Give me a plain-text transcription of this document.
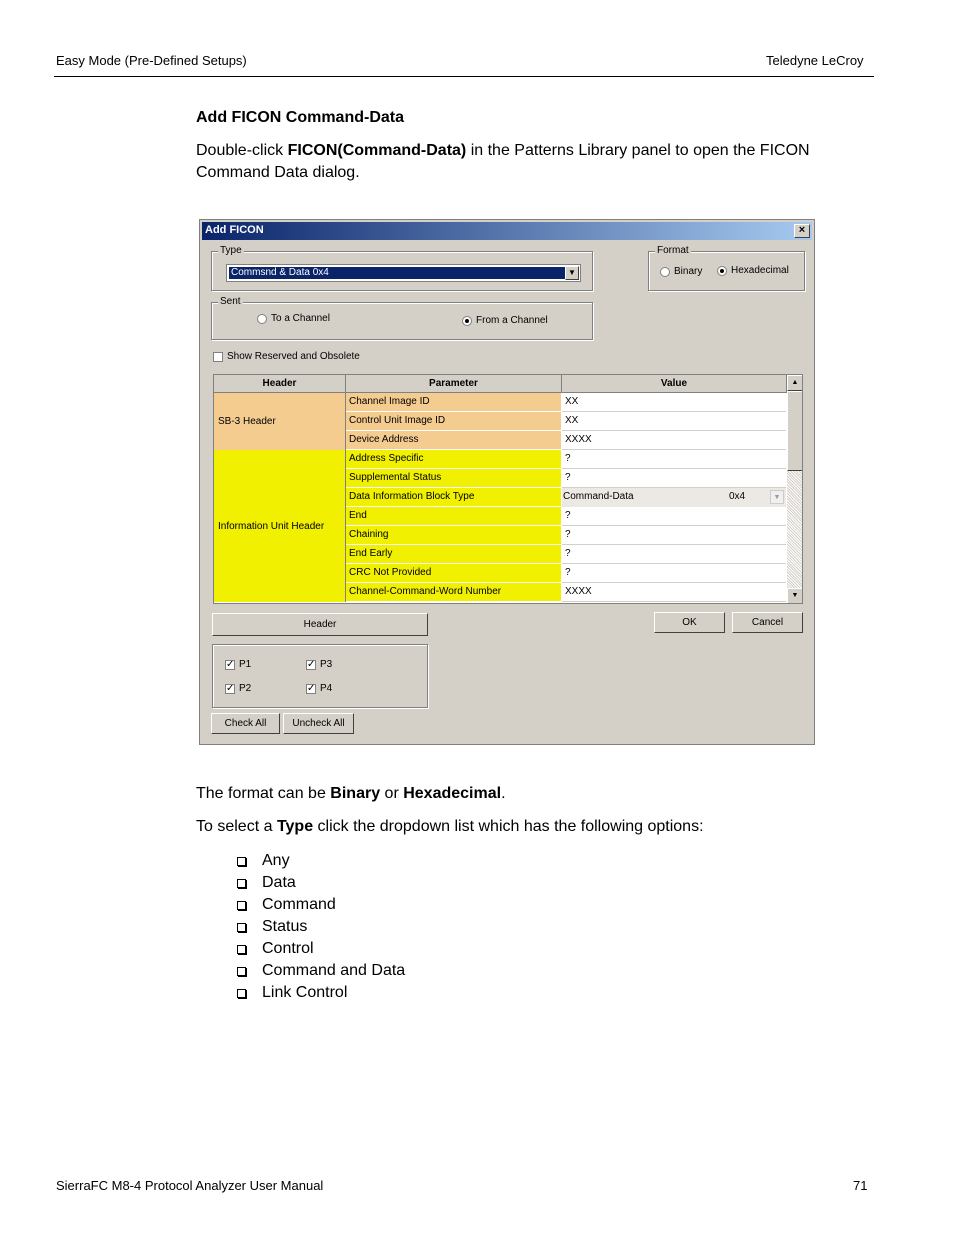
Easy Mode (Pre-Defined Setups)	Teledyne LeCroy
Add FICON Command-Data
Double-click FICON(Command-Data) in the Patterns Library panel to open the FICON Command Data dialog.
Add FICON	×
Type
Commsnd & Data 0x4	▼
Format
Binary	Hexadecimal
Sent
To a Channel	From a Channel
Show Reserved and Obsolete
Header	Parameter	Value
SB-3 Header
Channel Image ID	XX
Control Unit Image ID	XX
Device Address	XXXX
Information Unit Header
Address Specific	?
Supplemental Status	?
Data Information Block Type	Command-Data	0x4	▼
End	?
Chaining	?
End Early	?
CRC Not Provided	?
Channel-Command-Word Number	XXXX
▲
▼
Header	OK	Cancel
✓ P1	✓ P3
✓ P2	✓ P4
Check All	Uncheck All
The format can be Binary or Hexadecimal.
To select a Type click the dropdown list which has the following options:
Any
Data
Command
Status
Control
Command and Data
Link Control
SierraFC M8-4 Protocol Analyzer User Manual	71
